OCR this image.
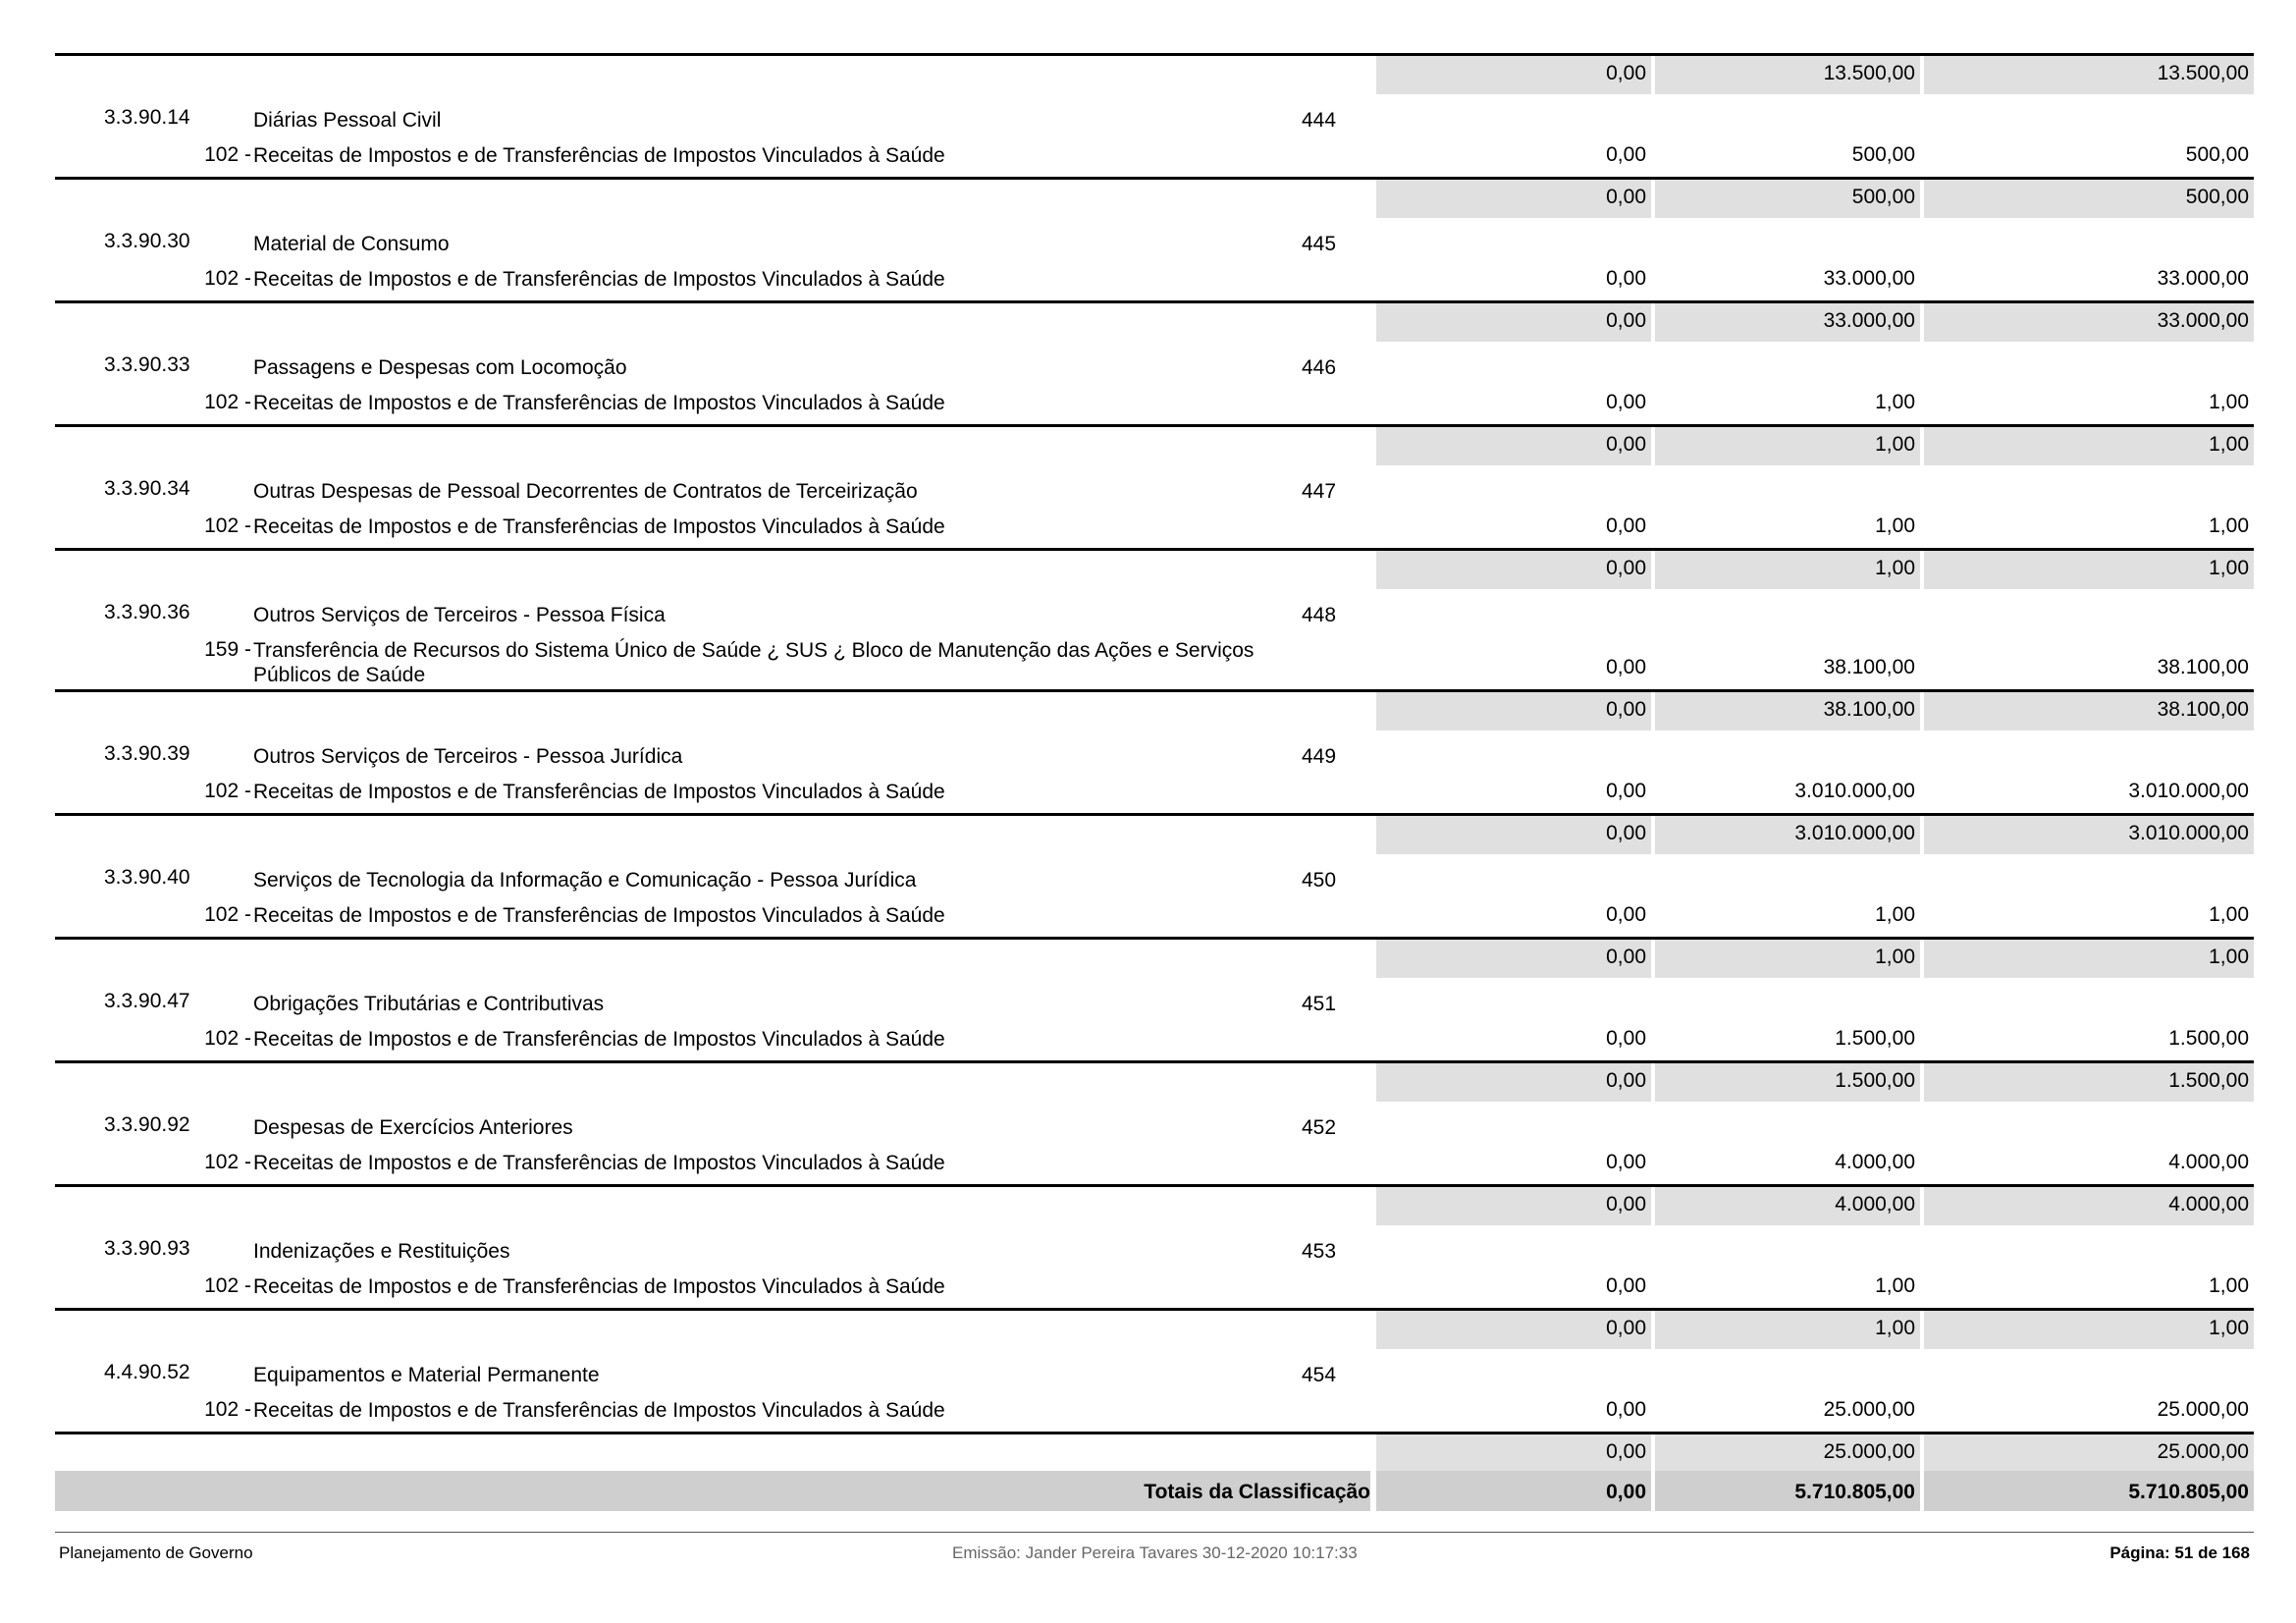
0,00	13.500,00	13.500,00
3.3.90.14	Diárias Pessoal Civil	444
102 - Receitas de Impostos e de Transferências de Impostos Vinculados à Saúde	0,00	500,00	500,00
0,00	500,00	500,00
3.3.90.30	Material de Consumo	445
102 - Receitas de Impostos e de Transferências de Impostos Vinculados à Saúde	0,00	33.000,00	33.000,00
0,00	33.000,00	33.000,00
3.3.90.33	Passagens e Despesas com Locomoção	446
102 - Receitas de Impostos e de Transferências de Impostos Vinculados à Saúde	0,00	1,00	1,00
0,00	1,00	1,00
3.3.90.34	Outras Despesas de Pessoal Decorrentes de Contratos de Terceirização	447
102 - Receitas de Impostos e de Transferências de Impostos Vinculados à Saúde	0,00	1,00	1,00
0,00	1,00	1,00
3.3.90.36	Outros Serviços de Terceiros - Pessoa Física	448
159 - Transferência de Recursos do Sistema Único de Saúde ¿ SUS ¿ Bloco de Manutenção das Ações e Serviços Públicos de Saúde	0,00	38.100,00	38.100,00
0,00	38.100,00	38.100,00
3.3.90.39	Outros Serviços de Terceiros - Pessoa Jurídica	449
102 - Receitas de Impostos e de Transferências de Impostos Vinculados à Saúde	0,00	3.010.000,00	3.010.000,00
0,00	3.010.000,00	3.010.000,00
3.3.90.40	Serviços de Tecnologia da Informação e Comunicação - Pessoa Jurídica	450
102 - Receitas de Impostos e de Transferências de Impostos Vinculados à Saúde	0,00	1,00	1,00
0,00	1,00	1,00
3.3.90.47	Obrigações Tributárias e Contributivas	451
102 - Receitas de Impostos e de Transferências de Impostos Vinculados à Saúde	0,00	1.500,00	1.500,00
0,00	1.500,00	1.500,00
3.3.90.92	Despesas de Exercícios Anteriores	452
102 - Receitas de Impostos e de Transferências de Impostos Vinculados à Saúde	0,00	4.000,00	4.000,00
0,00	4.000,00	4.000,00
3.3.90.93	Indenizações e Restituições	453
102 - Receitas de Impostos e de Transferências de Impostos Vinculados à Saúde	0,00	1,00	1,00
0,00	1,00	1,00
4.4.90.52	Equipamentos e Material Permanente	454
102 - Receitas de Impostos e de Transferências de Impostos Vinculados à Saúde	0,00	25.000,00	25.000,00
0,00	25.000,00	25.000,00
Totais da Classificação	0,00	5.710.805,00	5.710.805,00
Planejamento de Governo	Emissão: Jander Pereira Tavares 30-12-2020 10:17:33	Página: 51 de 168
